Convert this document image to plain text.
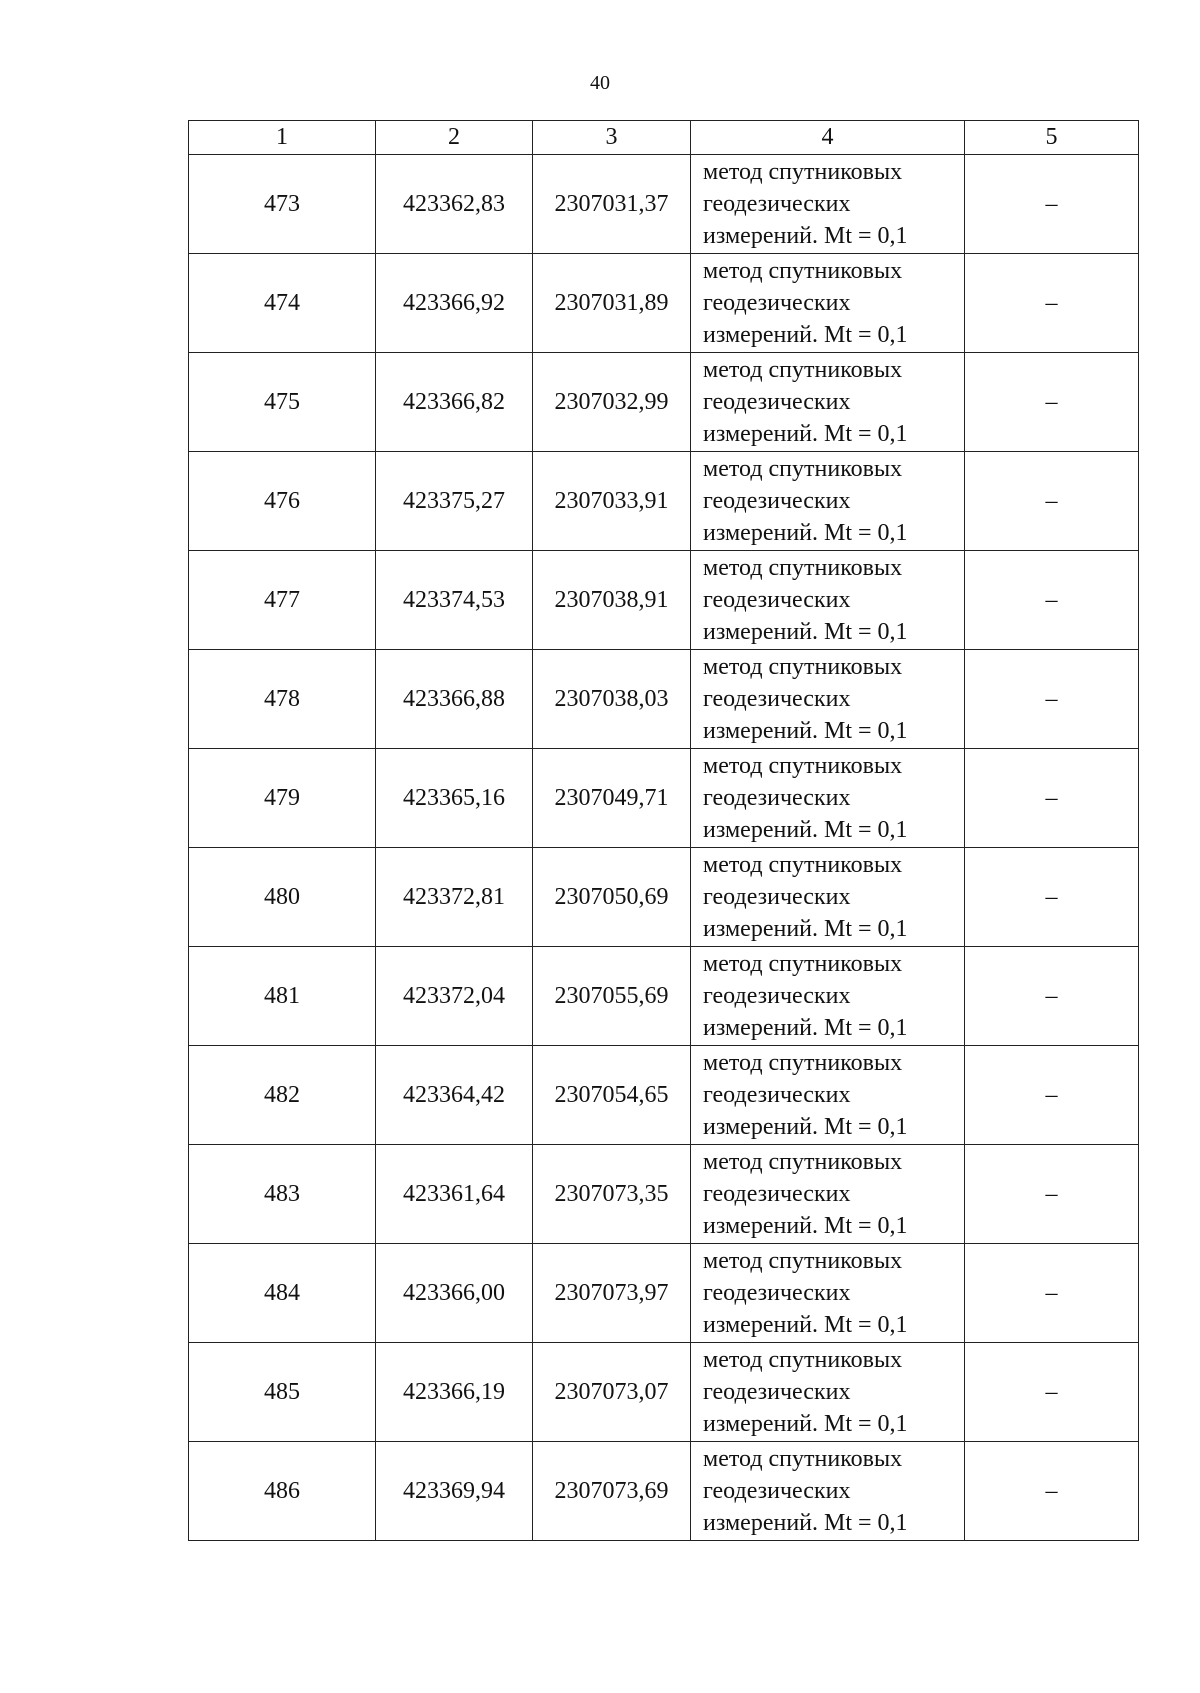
40
1	2	3	4	5
473	423362,83	2307031,37	метод спутниковых геодезических измерений. Mt = 0,1	–
474	423366,92	2307031,89	метод спутниковых геодезических измерений. Mt = 0,1	–
475	423366,82	2307032,99	метод спутниковых геодезических измерений. Mt = 0,1	–
476	423375,27	2307033,91	метод спутниковых геодезических измерений. Mt = 0,1	–
477	423374,53	2307038,91	метод спутниковых геодезических измерений. Mt = 0,1	–
478	423366,88	2307038,03	метод спутниковых геодезических измерений. Mt = 0,1	–
479	423365,16	2307049,71	метод спутниковых геодезических измерений. Mt = 0,1	–
480	423372,81	2307050,69	метод спутниковых геодезических измерений. Mt = 0,1	–
481	423372,04	2307055,69	метод спутниковых геодезических измерений. Mt = 0,1	–
482	423364,42	2307054,65	метод спутниковых геодезических измерений. Mt = 0,1	–
483	423361,64	2307073,35	метод спутниковых геодезических измерений. Mt = 0,1	–
484	423366,00	2307073,97	метод спутниковых геодезических измерений. Mt = 0,1	–
485	423366,19	2307073,07	метод спутниковых геодезических измерений. Mt = 0,1	–
486	423369,94	2307073,69	метод спутниковых геодезических измерений. Mt = 0,1	–
